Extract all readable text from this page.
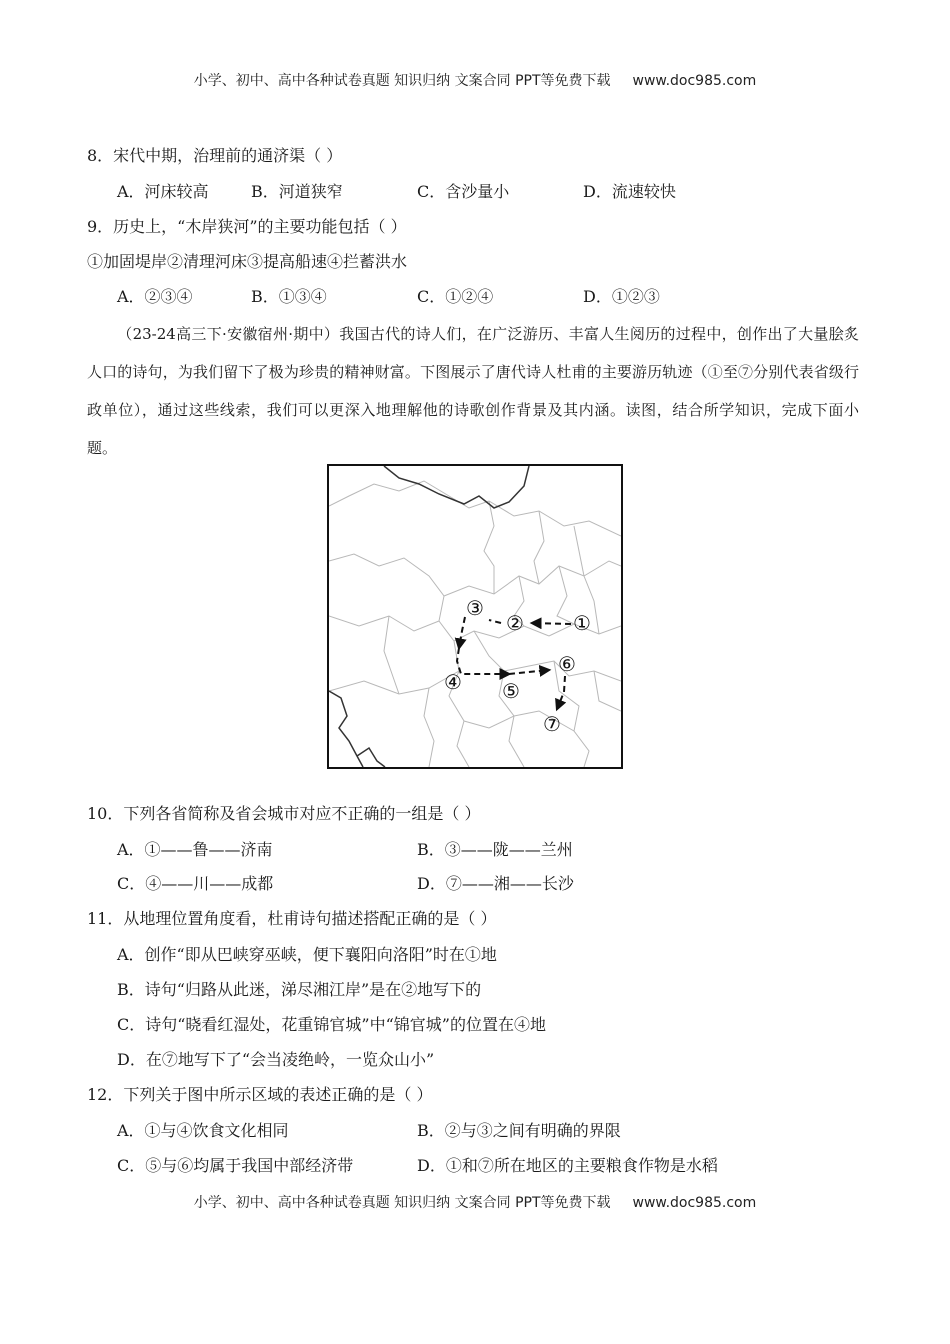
小学、初中、高中各种试卷真题 知识归纳 文案合同 PPT等免费下载 www.doc985.com
8．宋代中期，治理前的通济渠（ ）
A．河床较高	B．河道狭窄	C．含沙量小	D．流速较快
9．历史上，“木岸狭河”的主要功能包括（ ）
①加固堤岸②清理河床③提高船速④拦蓄洪水
A．②③④	B．①③④	C．①②④	D．①②③
（23-24高三下·安徽宿州·期中）我国古代的诗人们，在广泛游历、丰富人生阅历的过程中，创作出了大量脍炙人口的诗句，为我们留下了极为珍贵的精神财富。下图展示了唐代诗人杜甫的主要游历轨迹（①至⑦分别代表省级行政单位），通过这些线索，我们可以更深入地理解他的诗歌创作背景及其内涵。读图，结合所学知识，完成下面小题。
①
②
③
④ ⑤
⑥
⑦
10．下列各省简称及省会城市对应不正确的一组是（ ）
A．①——鲁——济南	B．③——陇——兰州
C．④——川——成都	D．⑦——湘——长沙
11．从地理位置角度看，杜甫诗句描述搭配正确的是（ ）
A．创作“即从巴峡穿巫峡，便下襄阳向洛阳”时在①地
B．诗句“归路从此迷，涕尽湘江岸”是在②地写下的
C．诗句“晓看红湿处，花重锦官城”中“锦官城”的位置在④地
D．在⑦地写下了“会当凌绝岭，一览众山小”
12．下列关于图中所示区域的表述正确的是（ ）
A．①与④饮食文化相同	B．②与③之间有明确的界限
C．⑤与⑥均属于我国中部经济带	D．①和⑦所在地区的主要粮食作物是水稻
小学、初中、高中各种试卷真题 知识归纳 文案合同 PPT等免费下载 www.doc985.com
